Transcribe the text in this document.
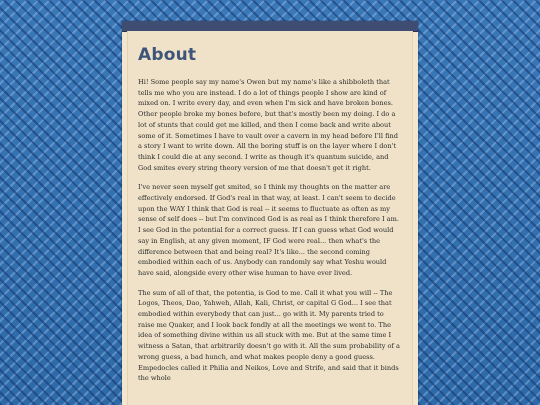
About

Hi! Some people say my name's Owen but my name's like a shibboleth that tells me who you are instead. I do a lot of things people I show are kind of mixed on. I write every day, and even when I'm sick and have broken bones. Other people broke my bones before, but that's mostly been my doing. I do a lot of stunts that could get me killed, and then I come back and write about some of it. Sometimes I have to vault over a cavern in my head before I'll find a story I want to write down. All the boring stuff is on the layer where I don't think I could die at any second. I write as though it's quantum suicide, and God smites every string theory version of me that doesn't get it right.

I've never seen myself get smited, so I think my thoughts on the matter are effectively endorsed. If God's real in that way, at least. I can't seem to decide upon the WAY I think that God is real -- it seems to fluctuate as often as my sense of self does -- but I'm convinced God is as real as I think therefore I am. I see God in the potential for a correct guess. If I can guess what God would say in English, at any given moment, IF God were real... then what's the difference between that and being real? It's like... the second coming embodied within each of us. Anybody can randomly say what Yeshu would have said, alongside every other wise human to have ever lived.

The sum of all of that, the potentia, is God to me. Call it what you will -- The Logos, Theos, Dao, Yahweh, Allah, Kali, Christ, or capital G God... I see that embodied within everybody that can just... go with it. My parents tried to raise me Quaker, and I look back fondly at all the meetings we went to. The idea of something divine within us all stuck with me. But at the same time I witness a Satan, that arbitrarily doesn't go with it. All the sum probability of a wrong guess, a bad hunch, and what makes people deny a good guess. Empedocles called it Philia and Neikos, Love and Strife, and said that it binds the whole
